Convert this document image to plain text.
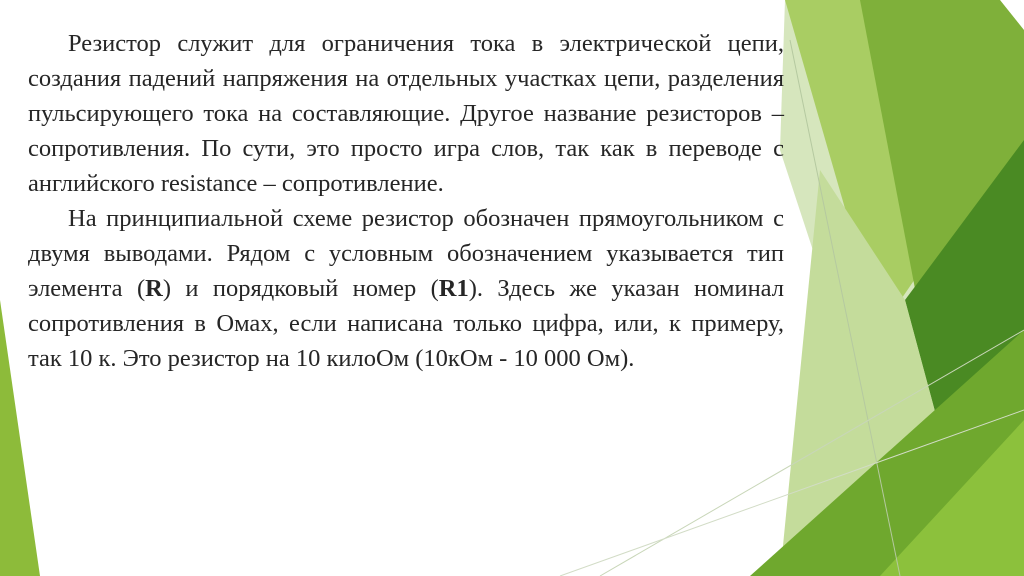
Резистор служит для ограничения тока в электрической цепи, создания падений напряжения на отдельных участках цепи, разделения пульсирующего тока на составляющие. Другое название резисторов – сопротивления. По сути, это просто игра слов, так как в переводе с английского resistance – сопротивление.

На принципиальной схеме резистор обозначен прямоугольником с двумя выводами. Рядом с условным обозначением указывается тип элемента (R) и порядковый номер (R1). Здесь же указан номинал сопротивления в Омах, если написана только цифра, или, к примеру, так 10 к. Это резистор на 10 килоОм (10кОм - 10 000 Ом).
